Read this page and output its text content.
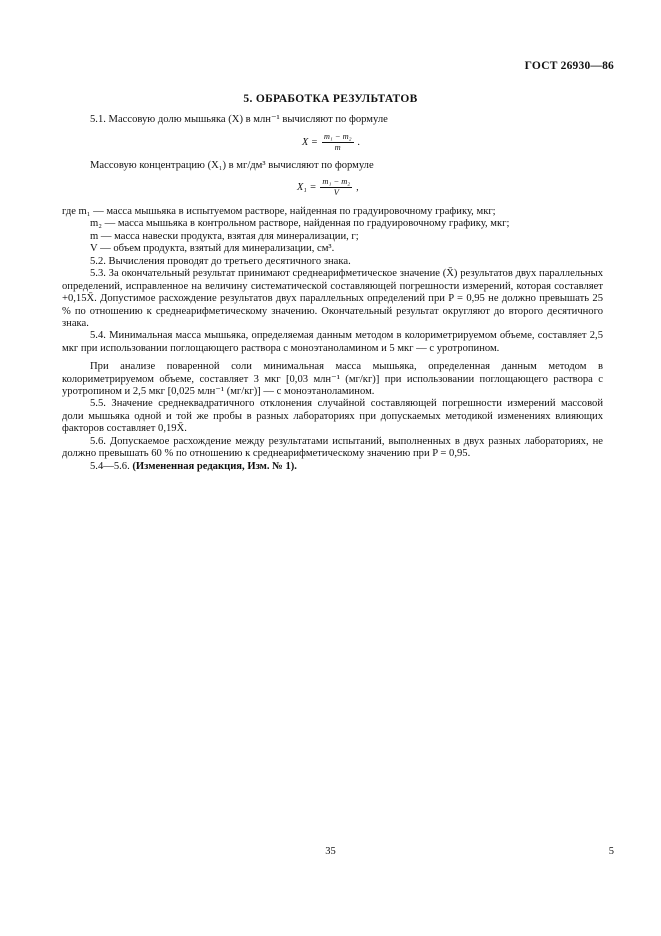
ГОСТ 26930—86
5. ОБРАБОТКА РЕЗУЛЬТАТОВ

5.1. Массовую долю мышьяка (X) в млн⁻¹ вычисляют по формуле

$X = \frac{\text{m₁ − m₂}}{m}$ .

Массовую концентрацию (X₁) в мг/дм³ вычисляют по формуле

$X_1 = \frac{\text{m₁ − m₂}}{V}$ ,
где m₁ — масса мышьяка в испытуемом растворе, найденная по градуировочному графику, мкг;
m₂ — масса мышьяка в контрольном растворе, найденная по градуировочному графику, мкг;
m — масса навески продукта, взятая для минерализации, г;
V — объем продукта, взятый для минерализации, см³.

5.2. Вычисления проводят до третьего десятичного знака.

5.3. За окончательный результат принимают среднеарифметическое значение (X̄) результатов двух параллельных определений, исправленное на величину систематической составляющей погрешности измерений, которая составляет +0,15X̄. Допустимое расхождение результатов двух параллельных определений при P = 0,95 не должно превышать 25 % по отношению к среднеарифметическому значению. Окончательный результат округляют до второго десятичного знака.

5.4. Минимальная масса мышьяка, определяемая данным методом в колориметрируемом объеме, составляет 2,5 мкг при использовании поглощающего раствора с моноэтаноламином и 5 мкг — с уротропином.

При анализе поваренной соли минимальная масса мышьяка, определенная данным методом в колориметрируемом объеме, составляет 3 мкг [0,03 млн⁻¹ (мг/кг)] при использовании поглощающего раствора с уротропином и 2,5 мкг [0,025 млн⁻¹ (мг/кг)] — с моноэтаноламином.

5.5. Значение среднеквадратичного отклонения случайной составляющей погрешности измерений массовой доли мышьяка одной и той же пробы в разных лабораториях при допускаемых методикой изменениях влияющих факторов составляет 0,19X̄.

5.6. Допускаемое расхождение между результатами испытаний, выполненных в двух разных лабораториях, не должно превышать 60 % по отношению к среднеарифметическому значению при P = 0,95.

5.4—5.6. (Измененная редакция, Изм. № 1).

35	5
